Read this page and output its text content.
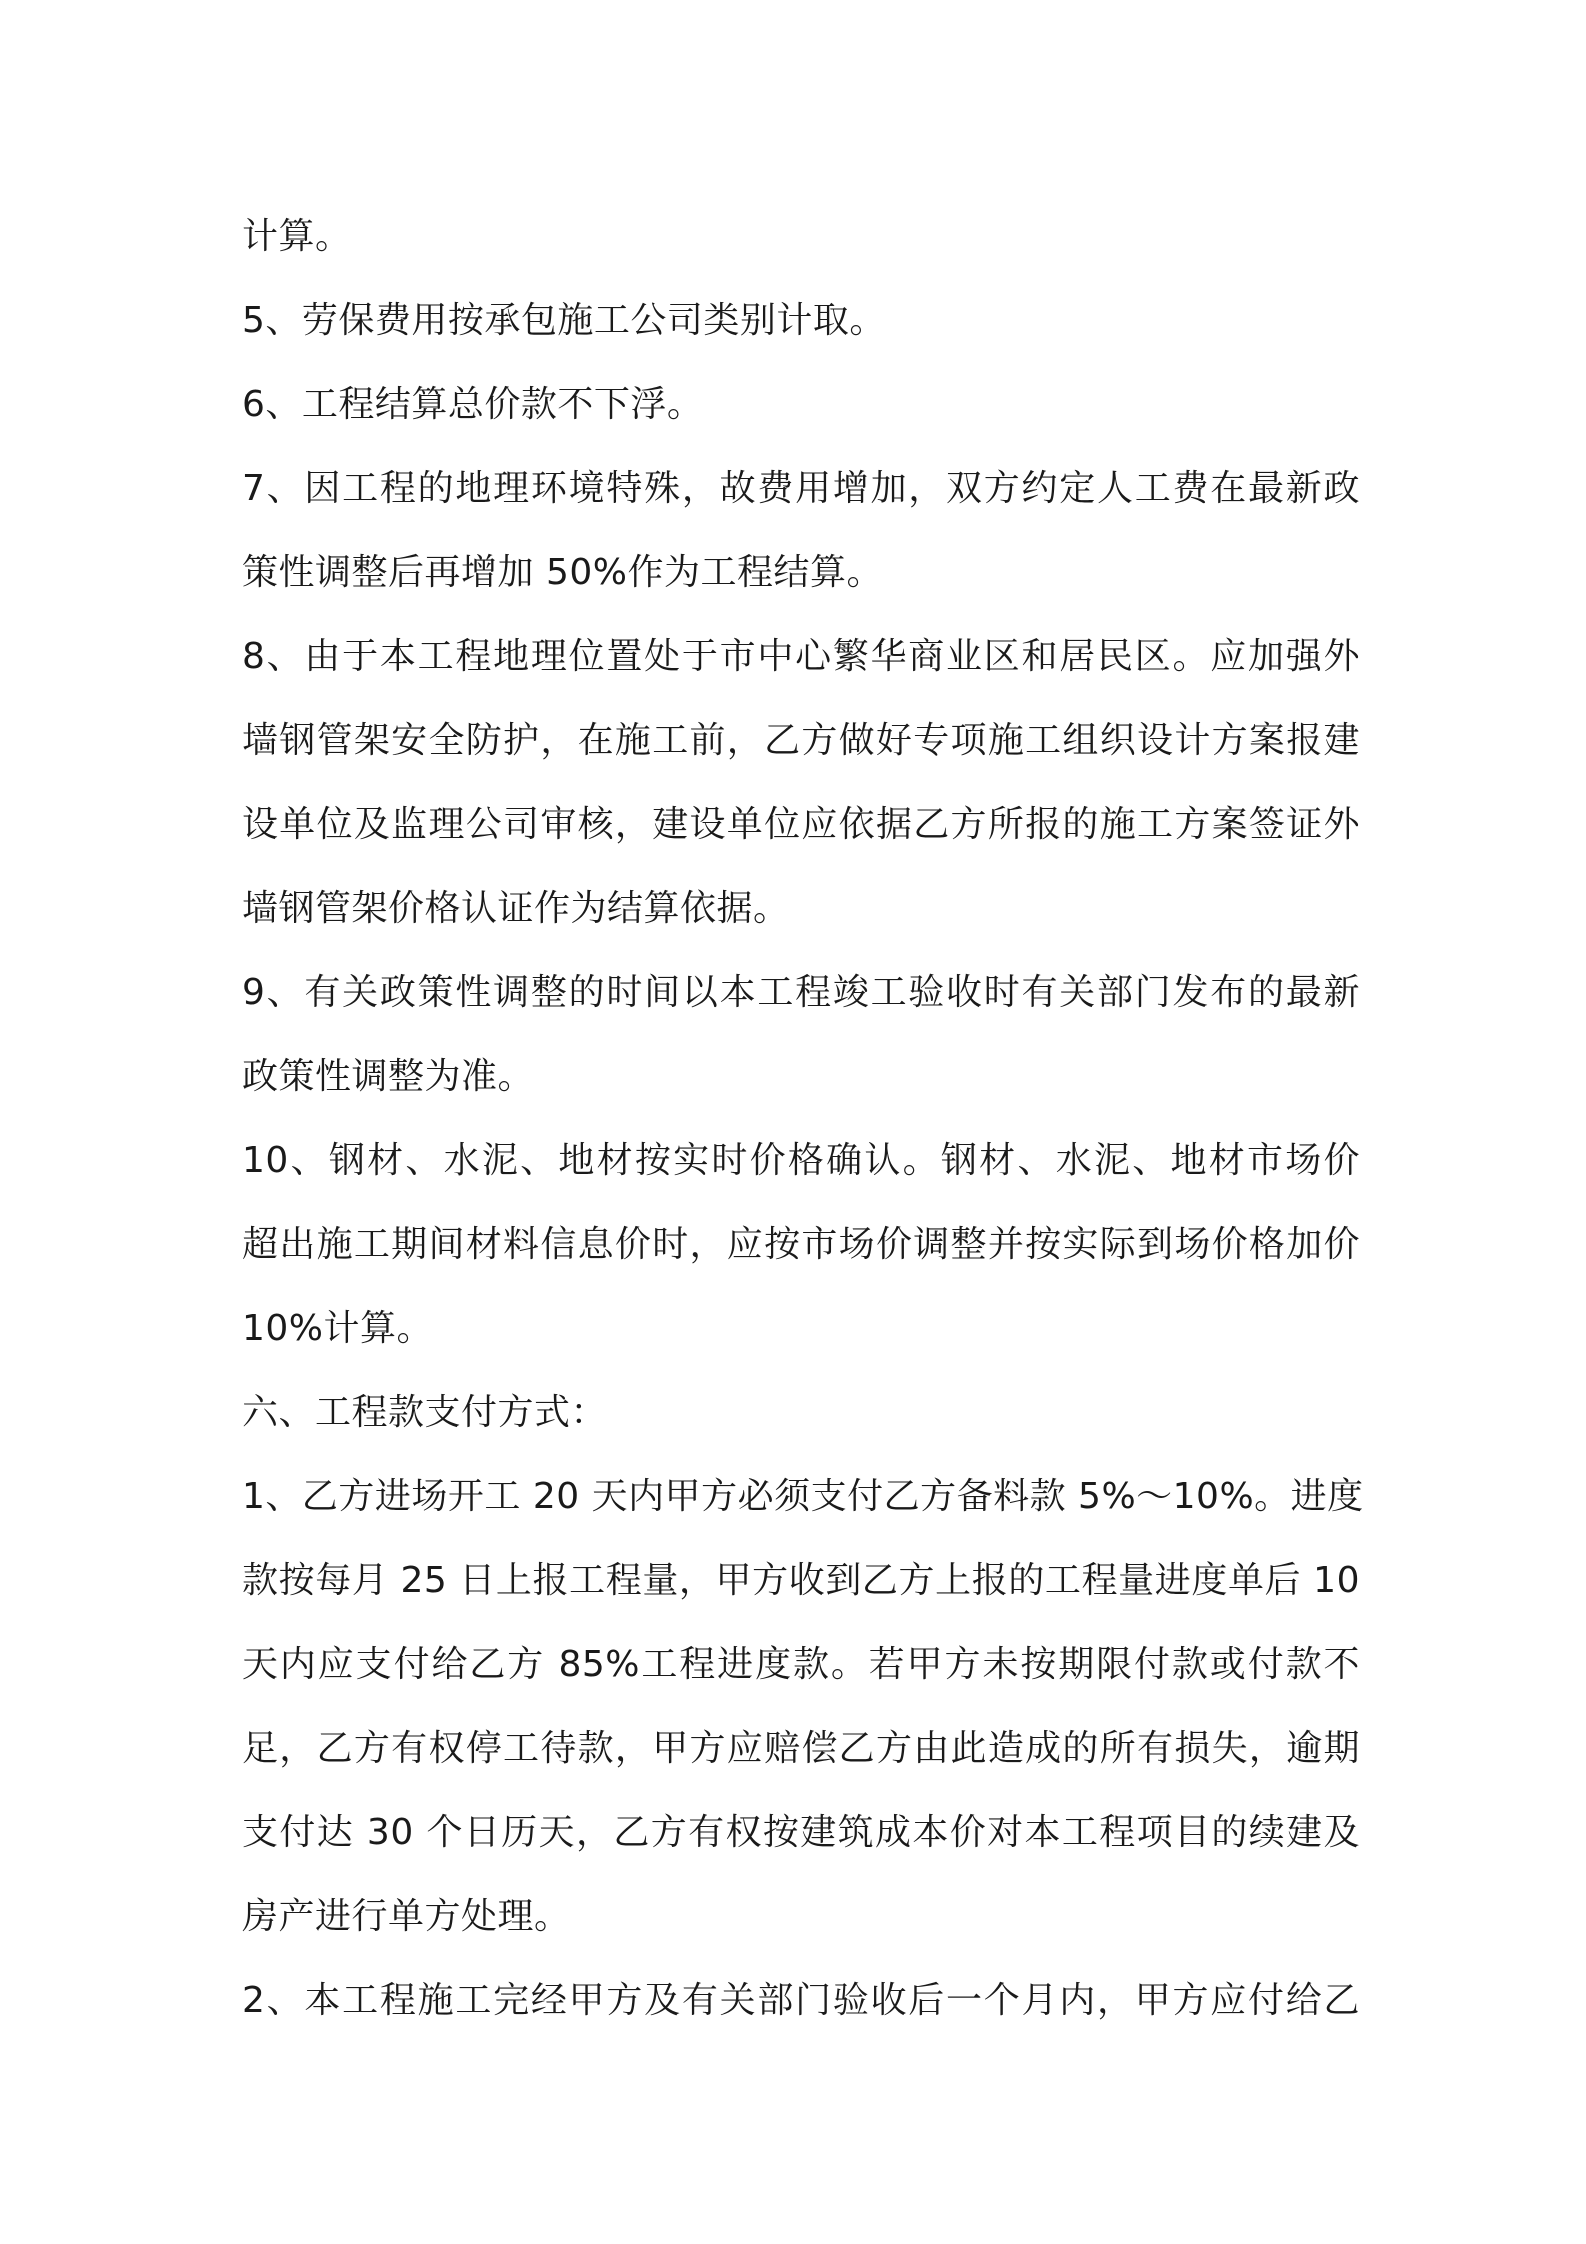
计算。
5、劳保费用按承包施工公司类别计取。
6、工程结算总价款不下浮。
7、因工程的地理环境特殊，故费用增加，双方约定人工费在最新政
策性调整后再增加 50%作为工程结算。
8、由于本工程地理位置处于市中心繁华商业区和居民区。应加强外
墙钢管架安全防护，在施工前，乙方做好专项施工组织设计方案报建
设单位及监理公司审核，建设单位应依据乙方所报的施工方案签证外
墙钢管架价格认证作为结算依据。
9、有关政策性调整的时间以本工程竣工验收时有关部门发布的最新
政策性调整为准。
10、钢材、水泥、地材按实时价格确认。钢材、水泥、地材市场价
超出施工期间材料信息价时，应按市场价调整并按实际到场价格加价
10%计算。
六、工程款支付方式：
1、乙方进场开工 20 天内甲方必须支付乙方备料款 5%～10%。进度
款按每月 25 日上报工程量，甲方收到乙方上报的工程量进度单后 10
天内应支付给乙方 85%工程进度款。若甲方未按期限付款或付款不
足，乙方有权停工待款，甲方应赔偿乙方由此造成的所有损失，逾期
支付达 30 个日历天，乙方有权按建筑成本价对本工程项目的续建及
房产进行单方处理。
2、本工程施工完经甲方及有关部门验收后一个月内，甲方应付给乙
